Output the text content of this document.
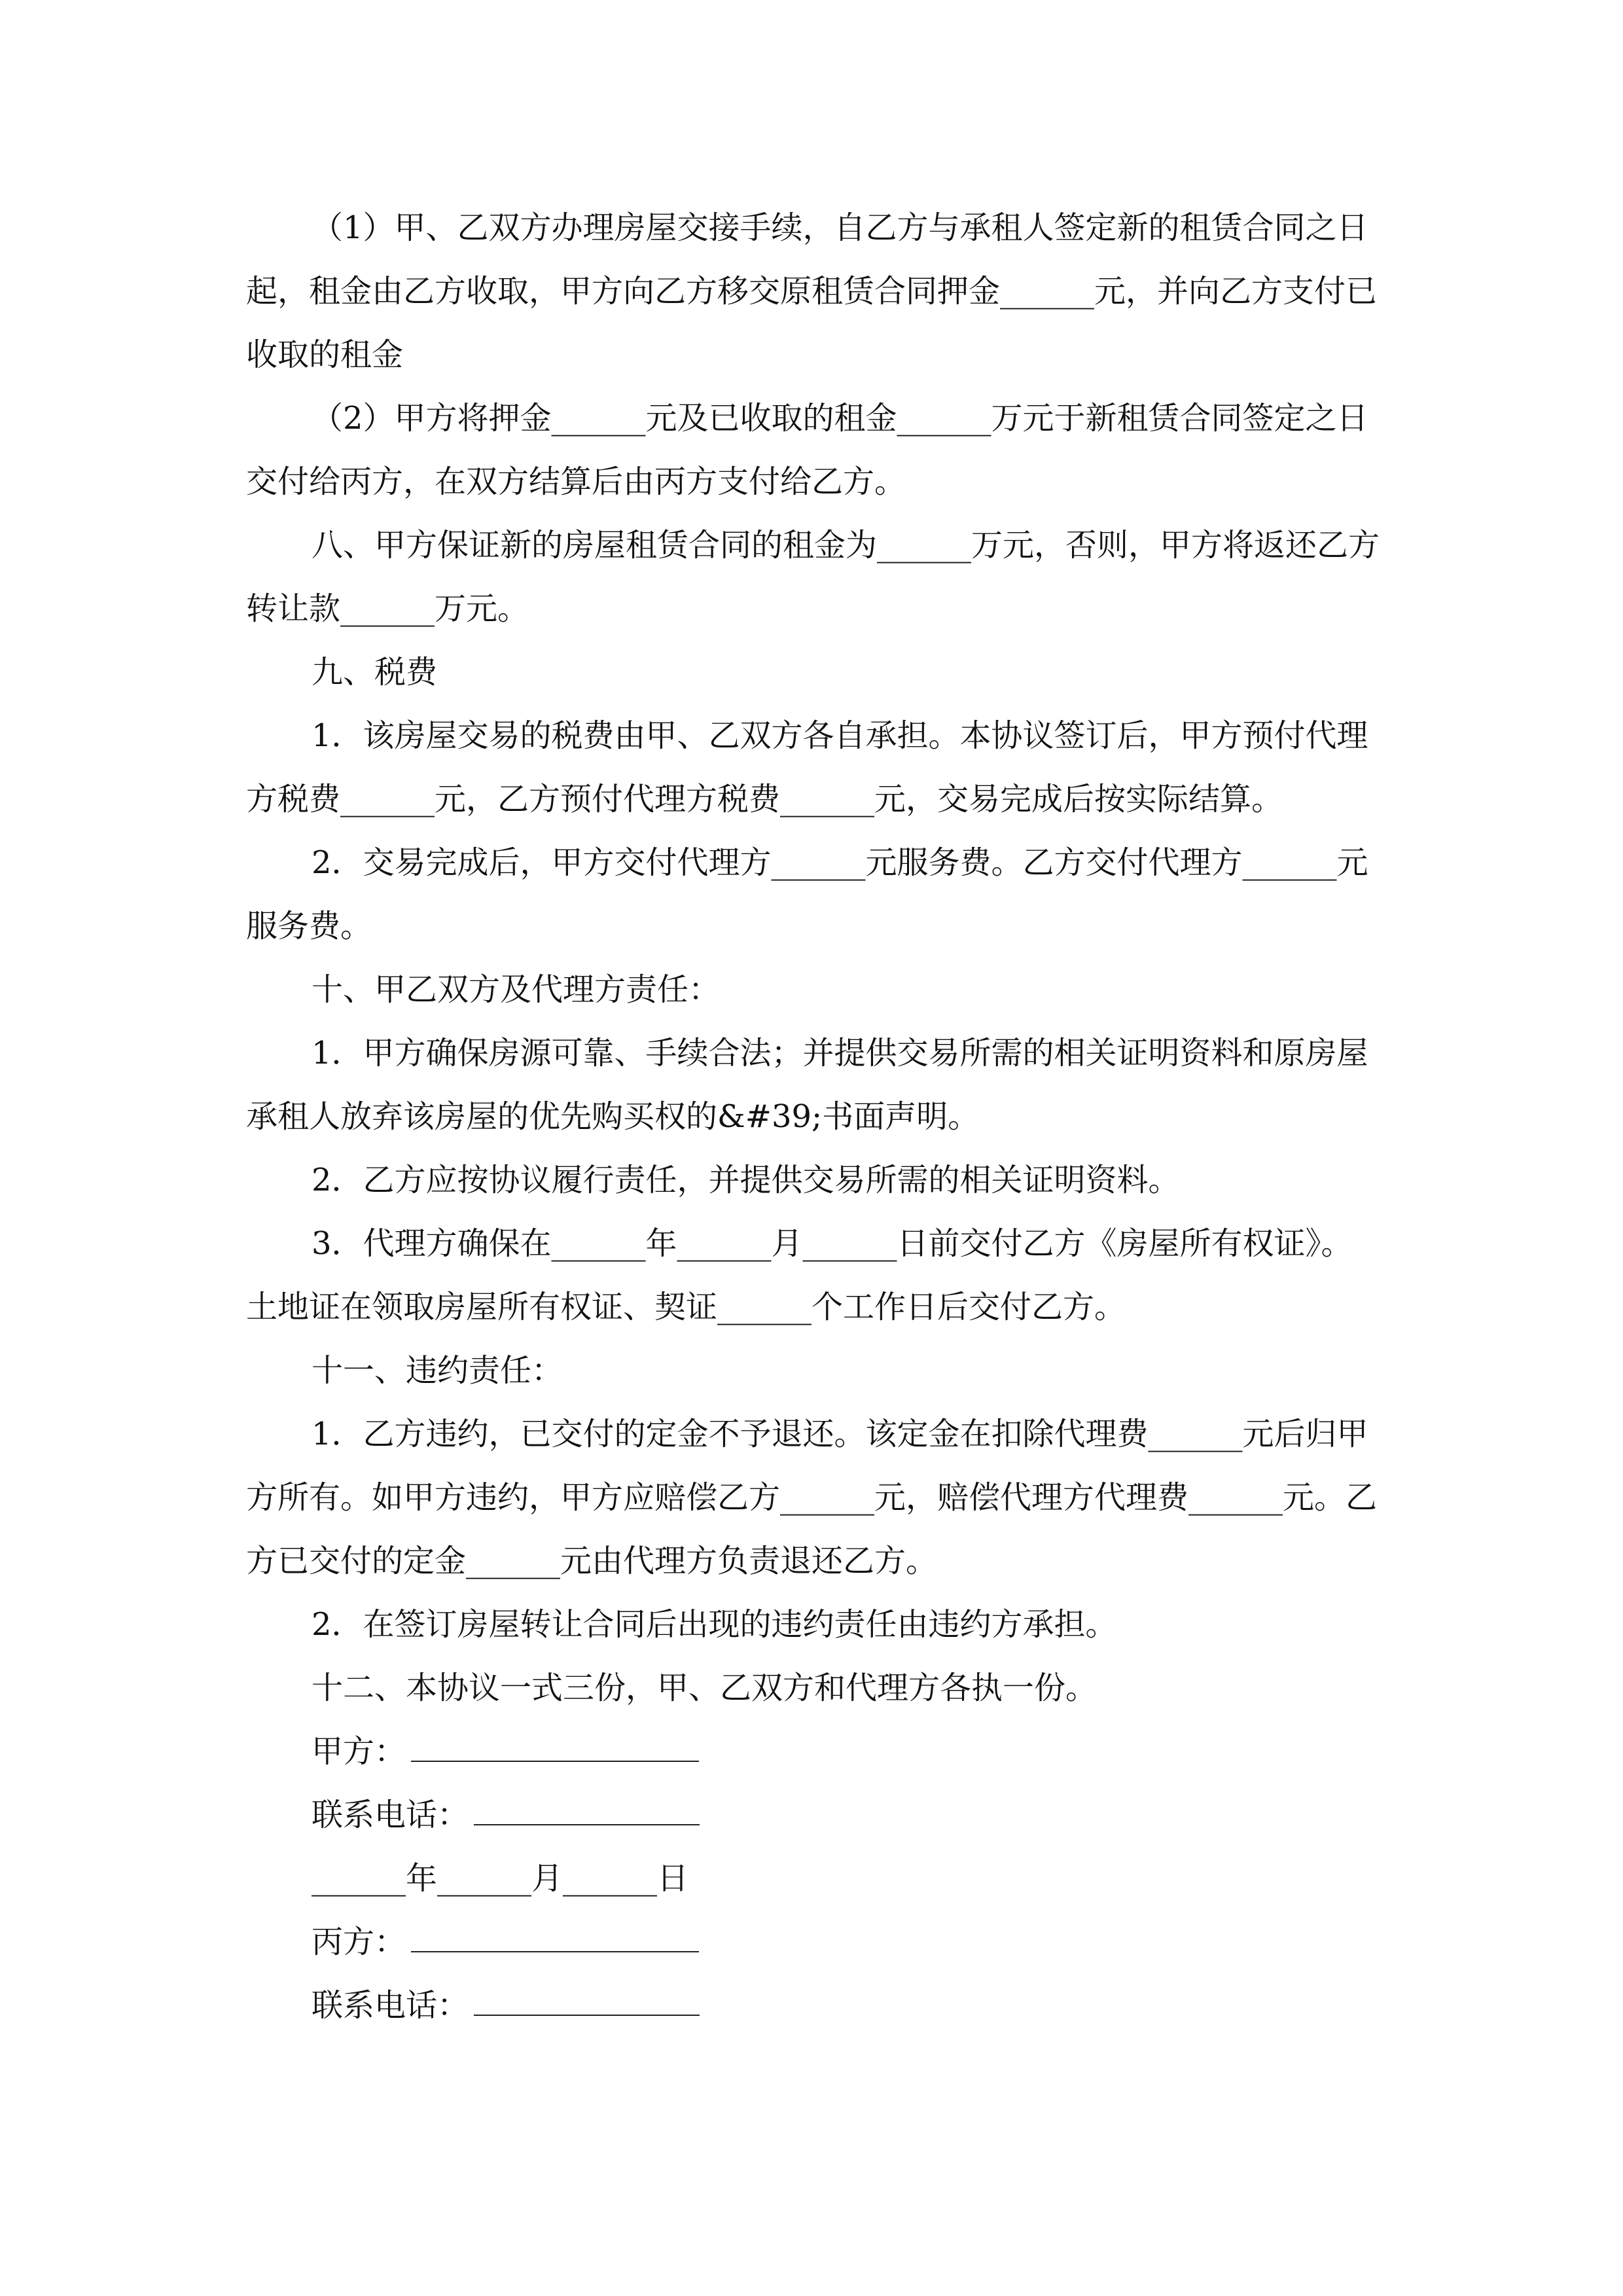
（1）甲、乙双方办理房屋交接手续，自乙方与承租人签定新的租赁合同之日起，租金由乙方收取，甲方向乙方移交原租赁合同押金______元，并向乙方支付已收取的租金

（2）甲方将押金______元及已收取的租金______万元于新租赁合同签定之日交付给丙方，在双方结算后由丙方支付给乙方。

八、甲方保证新的房屋租赁合同的租金为______万元，否则，甲方将返还乙方转让款______万元。

九、税费

1．该房屋交易的税费由甲、乙双方各自承担。本协议签订后，甲方预付代理方税费______元，乙方预付代理方税费______元，交易完成后按实际结算。

2．交易完成后，甲方交付代理方______元服务费。乙方交付代理方______元服务费。

十、甲乙双方及代理方责任：

1．甲方确保房源可靠、手续合法；并提供交易所需的相关证明资料和原房屋承租人放弃该房屋的优先购买权的&#39;书面声明。

2．乙方应按协议履行责任，并提供交易所需的相关证明资料。

3．代理方确保在______年______月______日前交付乙方《房屋所有权证》。土地证在领取房屋所有权证、契证______个工作日后交付乙方。

十一、违约责任：

1．乙方违约，已交付的定金不予退还。该定金在扣除代理费______元后归甲方所有。如甲方违约，甲方应赔偿乙方______元，赔偿代理方代理费______元。乙方已交付的定金______元由代理方负责退还乙方。

2．在签订房屋转让合同后出现的违约责任由违约方承担。

十二、本协议一式三份，甲、乙双方和代理方各执一份。

甲方：
联系电话：
______年______月______日
丙方：
联系电话：
